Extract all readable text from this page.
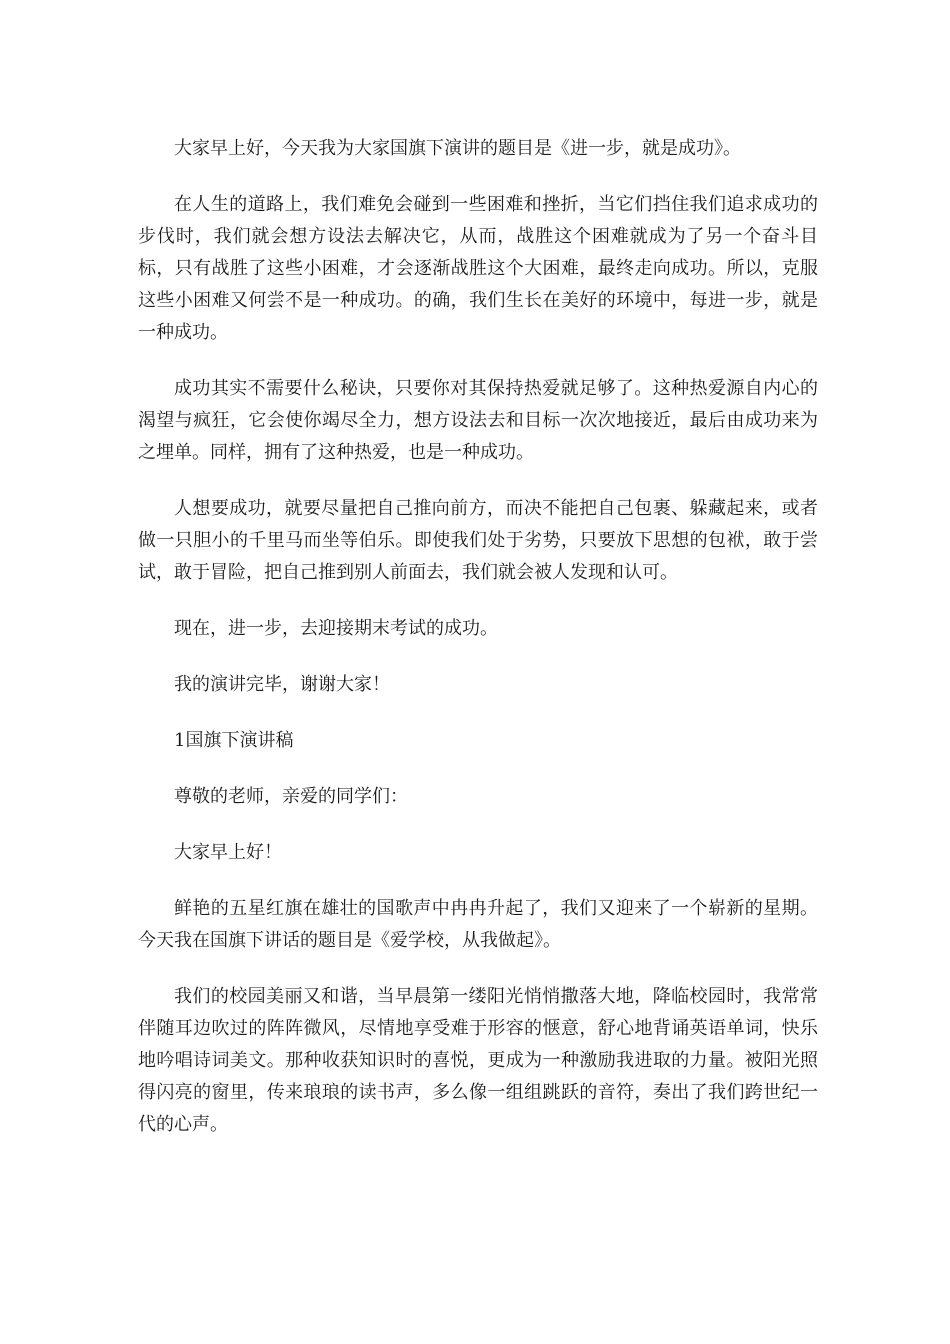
大家早上好，今天我为大家国旗下演讲的题目是《进一步，就是成功》。

在人生的道路上，我们难免会碰到一些困难和挫折，当它们挡住我们追求成功的步伐时，我们就会想方设法去解决它，从而，战胜这个困难就成为了另一个奋斗目标，只有战胜了这些小困难，才会逐渐战胜这个大困难，最终走向成功。所以，克服这些小困难又何尝不是一种成功。的确，我们生长在美好的环境中，每进一步，就是一种成功。

成功其实不需要什么秘诀，只要你对其保持热爱就足够了。这种热爱源自内心的渴望与疯狂，它会使你竭尽全力，想方设法去和目标一次次地接近，最后由成功来为之埋单。同样，拥有了这种热爱，也是一种成功。

人想要成功，就要尽量把自己推向前方，而决不能把自己包裹、躲藏起来，或者做一只胆小的千里马而坐等伯乐。即使我们处于劣势，只要放下思想的包袱，敢于尝试，敢于冒险，把自己推到别人前面去，我们就会被人发现和认可。

现在，进一步，去迎接期末考试的成功。

我的演讲完毕，谢谢大家！

1国旗下演讲稿

尊敬的老师，亲爱的同学们：

大家早上好！

鲜艳的五星红旗在雄壮的国歌声中冉冉升起了，我们又迎来了一个崭新的星期。今天我在国旗下讲话的题目是《爱学校，从我做起》。

我们的校园美丽又和谐，当早晨第一缕阳光悄悄撒落大地，降临校园时，我常常伴随耳边吹过的阵阵微风，尽情地享受难于形容的惬意，舒心地背诵英语单词，快乐地吟唱诗词美文。那种收获知识时的喜悦，更成为一种激励我进取的力量。被阳光照得闪亮的窗里，传来琅琅的读书声，多么像一组组跳跃的音符，奏出了我们跨世纪一代的心声。
